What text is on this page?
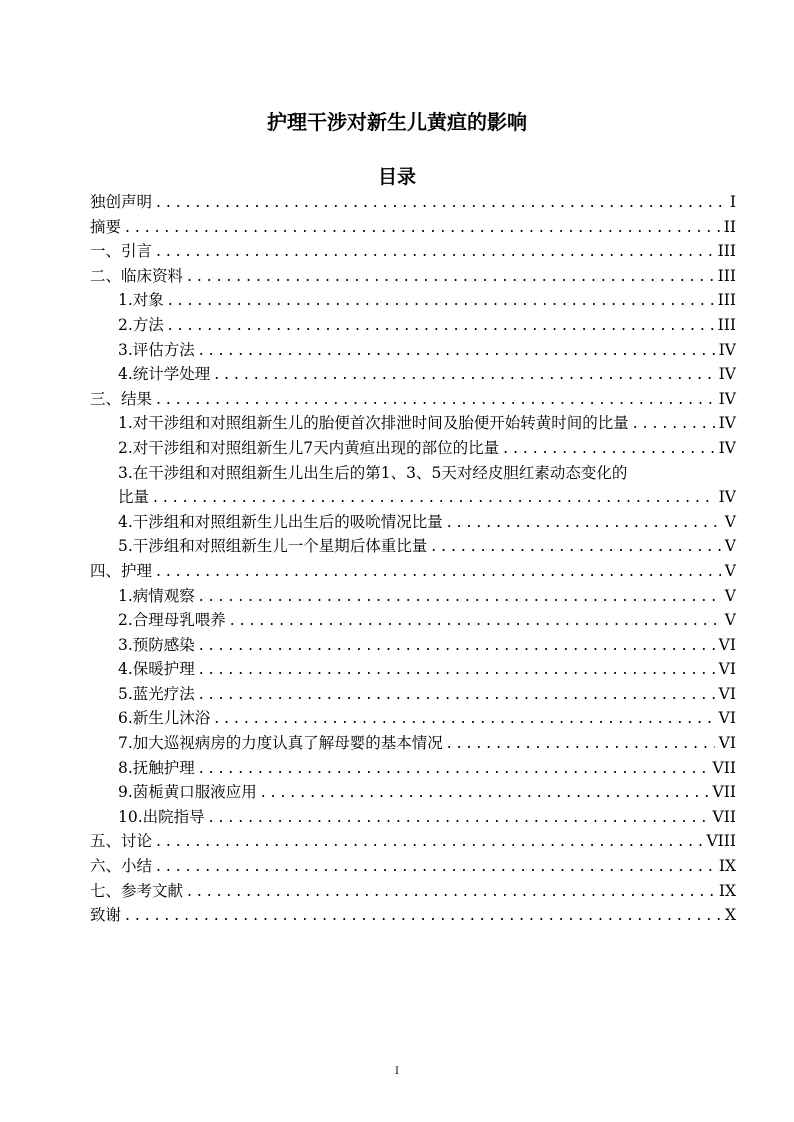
护理干涉对新生儿黄疸的影响
目录
独创声明 . . .	I
摘要 . . .	II
一、引言 . . .	III
二、临床资料 . . .	III
1.对象 . . .	III
2.方法 . . .	III
3.评估方法 . . .	IV
4.统计学处理 . . .	IV
三、结果 . . .	IV
1.对干涉组和对照组新生儿的胎便首次排泄时间及胎便开始转黄时间的比量 . . .	IV
2.对干涉组和对照组新生儿7天内黄疸出现的部位的比量 . . .	IV
3.在干涉组和对照组新生儿出生后的第1、3、5天对经皮胆红素动态变化的
比量 . . .	IV
4.干涉组和对照组新生儿出生后的吸吮情况比量 . . .	V
5.干涉组和对照组新生儿一个星期后体重比量 . . .	V
四、护理 . . .	V
1.病情观察 . . .	V
2.合理母乳喂养 . . .	V
3.预防感染 . . .	VI
4.保暖护理 . . .	VI
5.蓝光疗法 . . .	VI
6.新生儿沐浴 . . .	VI
7.加大巡视病房的力度认真了解母婴的基本情况 . . .	VI
8.抚触护理 . . .	VII
9.茵栀黄口服液应用 . . .	VII
10.出院指导 . . .	VII
五、讨论 . . .	VIII
六、小结 . . .	IX
七、参考文献 . . .	IX
致谢 . . .	X
I
